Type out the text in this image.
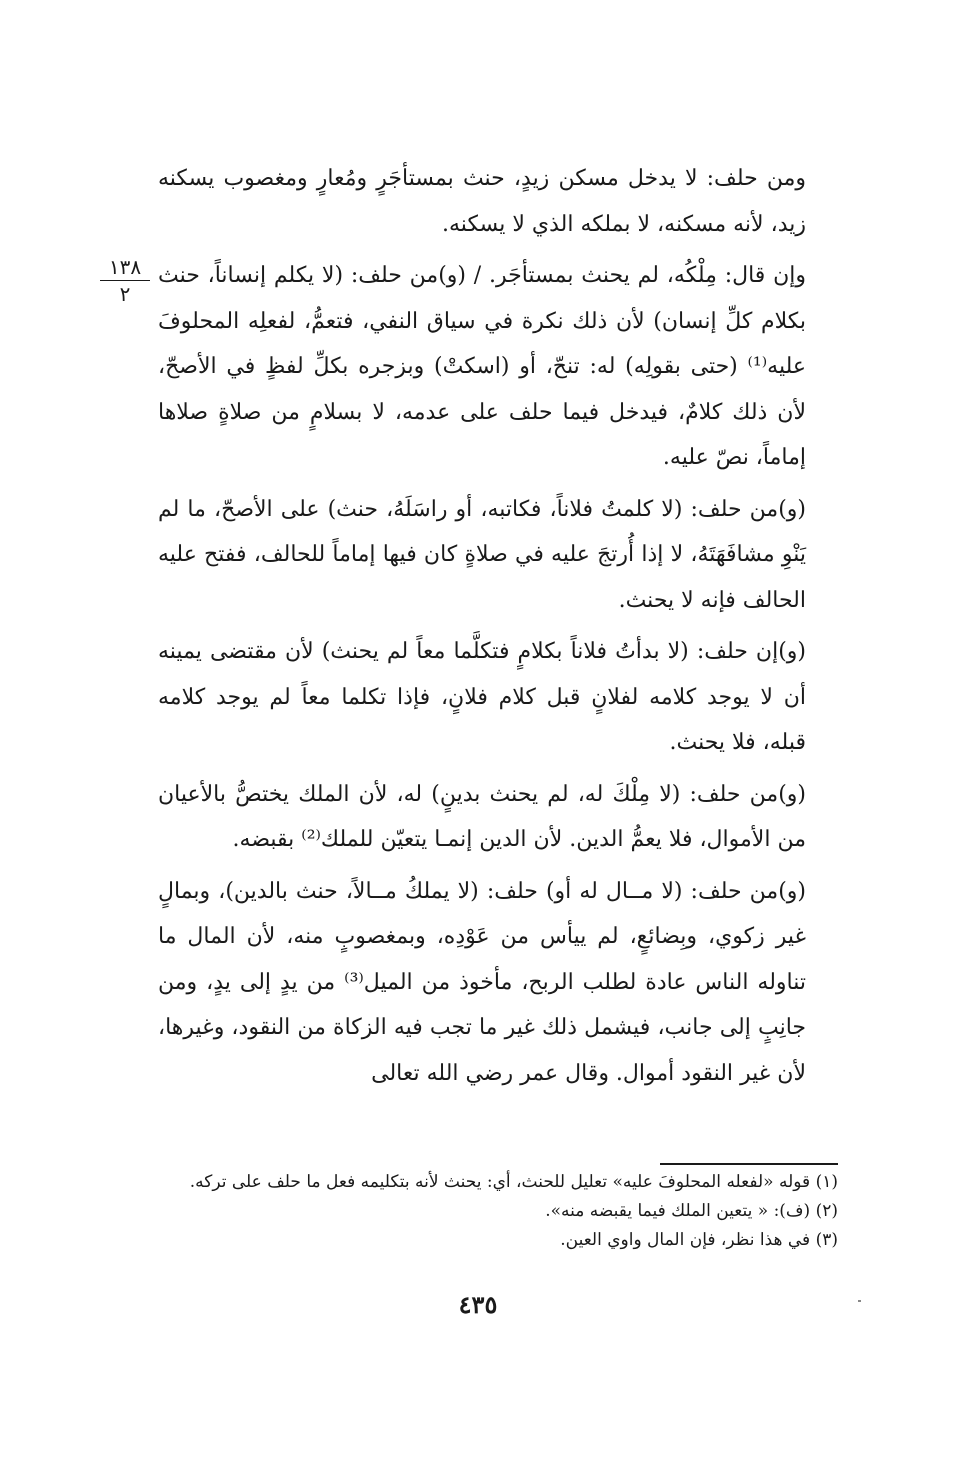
ومن حلف: لا يدخل مسكن زيدٍ، حنث بمستأجَرٍ ومُعارٍ ومغصوب يسكنه زيد، لأنه مسكنه، لا بملكه الذي لا يسكنه.

وإن قال: مِلْكُه، لم يحنث بمستأجَر. / (و)من حلف: (لا يكلم إنساناً، حنث بكلام كلِّ إنسان) لأن ذلك نكرة في سياق النفي، فتعمُّ، لفعلِه المحلوفَ عليه⁽¹⁾ (حتى بقولِه) له: تنحّ، أو (اسكتْ) وبزجره بكلِّ لفظٍ في الأصحّ، لأن ذلك كلامٌ، فيدخل فيما حلف على عدمه، لا بسلامٍ من صلاةٍ صلاها إماماً، نصّ عليه.

(و)من حلف: (لا كلمتُ فلاناً، فكاتبه، أو راسَلَهُ، حنث) على الأصحّ، ما لم يَنْوِ مشافَهَتَهُ، لا إذا أُرتجَ عليه في صلاةٍ كان فيها إماماً للحالف، ففتح عليه الحالف فإنه لا يحنث.

(و)إن حلف: (لا بدأتُ فلاناً بكلامٍ فتكلَّما معاً لم يحنث) لأن مقتضى يمينه أن لا يوجد كلامه لفلانٍ قبل كلام فلانٍ، فإذا تكلما معاً لم يوجد كلامه قبله، فلا يحنث.

(و)من حلف: (لا مِلْكَ له، لم يحنث بدينٍ) له، لأن الملك يختصُّ بالأعيان من الأموال، فلا يعمُّ الدين. لأن الدين إنمـا يتعيّن للملك⁽²⁾ بقبضه.

(و)من حلف: (لا مــال له أو) حلف: (لا يملكُ مــالاً، حنث بالدين)، وبمالٍ غير زكوي، وبِضائعٍ، لم ييأس من عَوْدِه، وبمغصوبٍ منه، لأن المال ما تناوله الناس عادة لطلب الربح، مأخوذ من الميل⁽³⁾ من يدٍ إلى يدٍ، ومن جانِبٍ إلى جانب، فيشمل ذلك غير ما تجب فيه الزكاة من النقود، وغيرها، لأن غير النقود أموال. وقال عمر رضي الله تعالى

١٣٨
٢

(١) قوله «لفعله المحلوفَ عليه» تعليل للحنث، أي: يحنث لأنه بتكليمه فعل ما حلف على تركه.

(٢) (ف): « يتعين الملك فيما يقبضه منه».

(٣) في هذا نظر، فإن المال واوي العين.

٤٣٥
